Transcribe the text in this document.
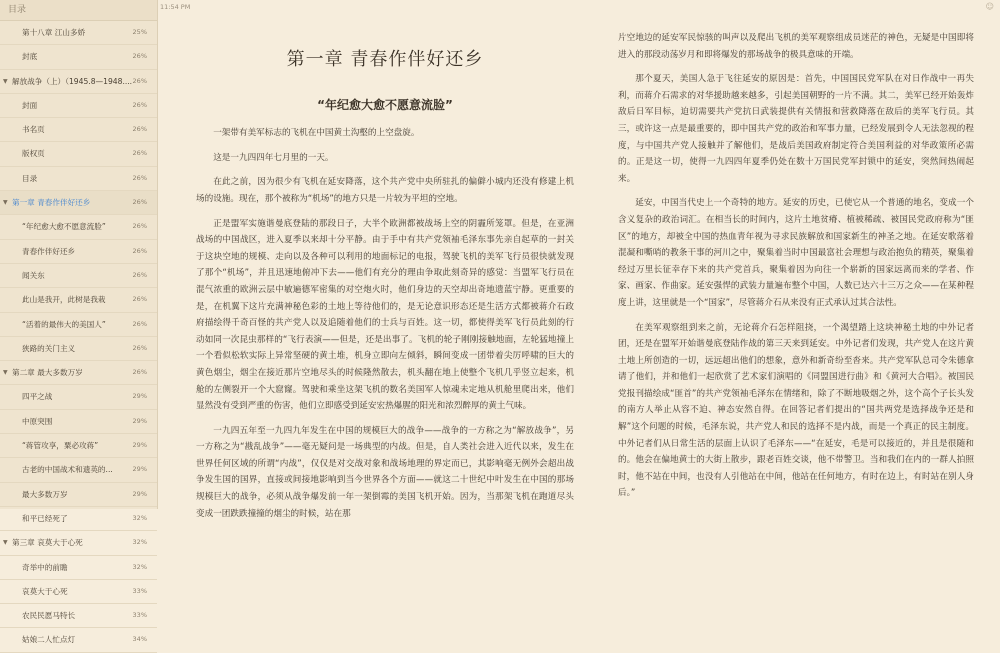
目录
第十八章 江山多娇	25%
封底	26%
▼ 解放战争（上）（1945.8—1948.... 26%
封面	26%
书名页	26%
版权页	26%
目录	26%
▼ 第一章 青春作伴好还乡	26%
“年纪愈大愈不愿意流脸”	26%
青春作伴好还乡	26%
闻关东	26%
此山是我开，此树是我栽	26%
“活着的最伟大的美国人”	26%
狭路的关门主义	26%
▼ 第二章 最大多数万岁	26%
四平之战	29%
中原突围	29%
“蒋管攻享，粟必攻蒋”	29%
古老的中国战术和遗英的...	29%
最大多数万岁	29%
和平已经死了	32%
▼ 第三章 哀莫大于心死	32%
奇举中的前瞻	32%
哀莫大于心死	33%
农民民愿马特长	33%
姑娘二人忙点灯	34%
11:54 PM	☺
第一章 青春作伴好还乡
“年纪愈大愈不愿意流脸”

一架带有美军标志的飞机在中国黄土沟壑的上空盘旋。

这是一九四四年七月里的一天。

在此之前，因为很少有飞机在延安降落，这个共产党中央所驻扎的偏僻小城内还没有修建上机场的设施。现在，那个被称为“机场”的地方只是一片较为平坦的空地。

正是盟军实施谐曼底登陆的那段日子，大半个欧洲都被战场上空的阴霾所笼罩。但是，在亚洲战场的中国战区，进入夏季以来却十分平静。由于手中有共产党领袖毛泽东事先亲自起草的一封关于这块空地的规模、走向以及各种可以利用的地面标记的电报，驾驶飞机的美军飞行员很快就发现了那个“机场”，并且迅速地俯冲下去——他们有充分的理由争取此刻奇异的感觉：当盟军飞行员在混气浓重的欧洲云层中敏遍德军密集的对空炮火时，他们身边的天空却出奇地遗蓝宁静。更重要的是，在机翼下这片充满神秘色彩的土地上等待他们的，是无论意识形态还是生活方式都被蒋介石政府描绘得千奇百怪的共产党人以及追随着他们的士兵与百姓。这一切，都使得美军飞行员此刻的行动如同一次昆虫那样的“飞行表演——但是，还是出事了。飞机的轮子刚刚接触地面，左轮猛地撞上一个看似松软实际上异常坚硬的黄土堆，机身立即向左倾斜，瞬间变成一团带着尖厉呼啸的巨大的黄色烟尘，烟尘在接近那片空地尽头的时候隆然散去，机头翻在地上使整个飞机几乎竖立起来，机舱的左侧裂开一个大窟窿。驾驶和乘坐这架飞机的数名美国军人惊魂未定地从机舱里爬出来，他们显然没有受到严重的伤害，他们立即感受到延安宏热爆腥的阳光和浓烈醉厚的黄土气味。

一九四五年至一九四九年发生在中国的规模巨大的战争——战争的一方称之为“解放战争”，另一方称之为“戡乱战争”——毫无疑问是一场典型的内战。但是，自人类社会进入近代以来，发生在世界任何区域的所谓“内战”，仅仅是对交战对象和战场地理的界定而已，其影响毫无例外会超出战争发生国的国界，直接或间接地影响到当今世界各个方面——就这二十世纪中叶发生在中国的那场规模巨大的战争，必须从战争爆发前一年一架倒霉的美国飞机开始。因为，当那架飞机在跑道尽头变成一团跌跌撞撞的烟尘的时候，站在那

片空地边的延安军民惊骇的叫声以及爬出飞机的美军观察组成员迷茫的神色，无疑是中国即将进入的那段动荡岁月和即将爆发的那场战争的极具意味的开端。

那个夏天，美国人急于飞往延安的原因是：首先，中国国民党军队在对日作战中一再失利，而蒋介石需求的对华援助越来越多，引起美国朝野的一片不满。其二，美军已经开始轰炸敌后日军目标，迫切需要共产党抗日武装提供有关情报和营救降落在敌后的美军飞行员。其三，或许这一点是最重要的，即中国共产党的政治和军事力量，已经发展到令人无法忽视的程度，与中国共产党人接触并了解他们，是战后美国政府制定符合美国利益的对华政策所必需的。正是这一切，使得一九四四年夏季仍处在数十万国民党军封锁中的延安，突然间热闹起来。

延安，中国当代史上一个奇特的地方。延安的历史，已使它从一个普通的地名，变成一个含义复杂的政治词汇。在相当长的时间内，这片土地贫瘠、植被稀疏、被国民党政府称为“匪区”的地方，却被全中国的热血青年视为寻求民族解放和国家新生的神圣之地。在延安歌落着混凝和嘶哨的教条干事的河川之中，聚集着当时中国最富社会理想与政治抱负的精英，聚集着经过万里长征幸存下来的共产党首兵，聚集着因为向往一个崭新的国家远离而来的学者、作家、画家、作曲家。延安强悍的武装力量遍布整个中国，人数已达六十三万之众——在某种程度上讲，这里就是一个“国家”，尽管蒋介石从来没有正式承认过其合法性。

在美军观察组到来之前，无论蒋介石怎样阻挠，一个渴望踏上这块神秘土地的中外记者团，还是在盟军开始谐曼底登陆作战的第三天来到延安。中外记者们发现，共产党人在这片黄土地上所创造的一切，远远超出他们的想象，意外和新奇纷至沓来。共产党军队总司令朱德拿请了他们，并和他们一起欣赏了艺术家们演唱的《同盟国进行曲》和《黄河大合唱》。被国民党报刊描绘成“匪首”的共产党领袖毛泽东在情绪和，除了不断地吸烟之外，这个高个子长头发的南方人举止从容不迫、神态安然自得。在回答记者们提出的“国共两党是选择战争还是和解”这个问题的时候，毛泽东说，共产党人和民的选择不是内战，而是一个真正的民主制度。中外记者们从日常生活的层面上认识了毛泽东——“在延安，毛是可以接近的，并且是很随和的。他会在偏地黄士的大街上散步，跟老百姓交谈，他不带警卫。当和我们在内的一群人拍照时，他不站在中间，也没有人引他站在中间，他站在任何地方，有时在边上，有时站在别人身后。”
